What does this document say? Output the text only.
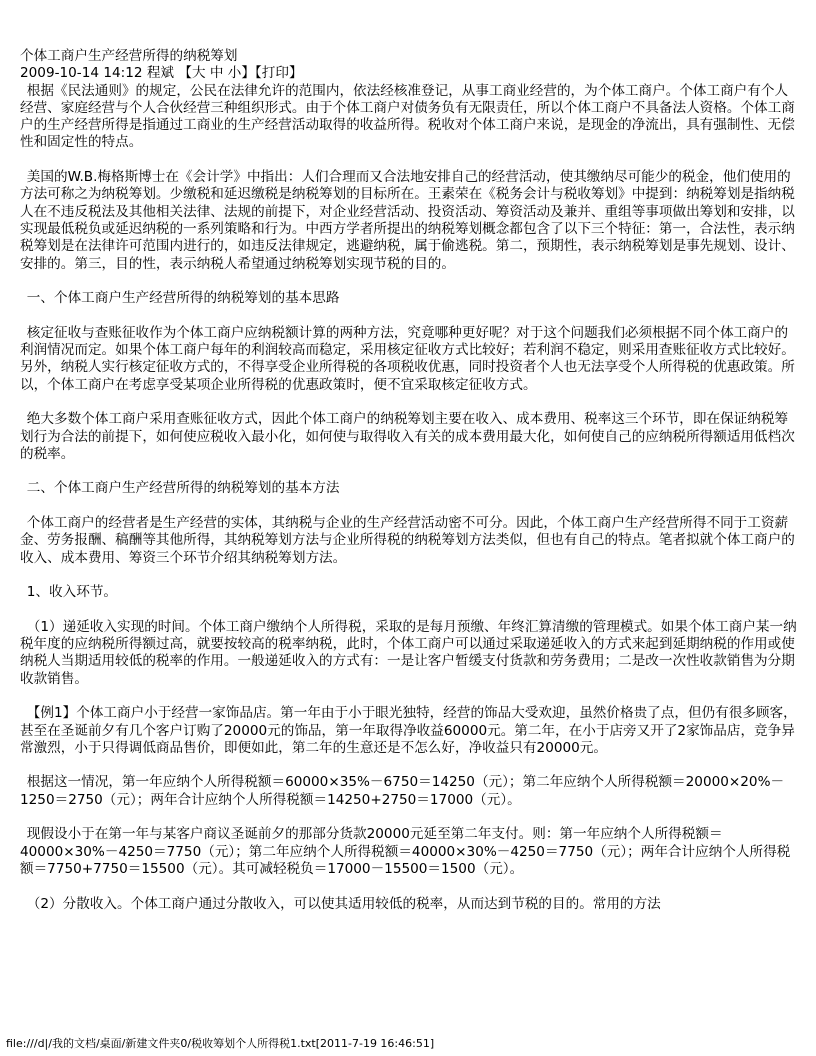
个体工商户生产经营所得的纳税筹划
2009-10-14 14:12 程斌 【大 中 小】【打印】
根据《民法通则》的规定，公民在法律允许的范围内，依法经核准登记，从事工商业经营的，为个体工商户。个体工商户有个人经营、家庭经营与个人合伙经营三种组织形式。由于个体工商户对债务负有无限责任，所以个体工商户不具备法人资格。个体工商户的生产经营所得是指通过工商业的生产经营活动取得的收益所得。税收对个体工商户来说，是现金的净流出，具有强制性、无偿性和固定性的特点。
美国的W.B.梅格斯博士在《会计学》中指出：人们合理而又合法地安排自己的经营活动，使其缴纳尽可能少的税金，他们使用的方法可称之为纳税筹划。少缴税和延迟缴税是纳税筹划的目标所在。王素荣在《税务会计与税收筹划》中提到：纳税筹划是指纳税人在不违反税法及其他相关法律、法规的前提下，对企业经营活动、投资活动、筹资活动及兼并、重组等事项做出筹划和安排，以实现最低税负或延迟纳税的一系列策略和行为。中西方学者所提出的纳税筹划概念都包含了以下三个特征：第一，合法性，表示纳税筹划是在法律许可范围内进行的，如违反法律规定，逃避纳税，属于偷逃税。第二，预期性，表示纳税筹划是事先规划、设计、安排的。第三，目的性，表示纳税人希望通过纳税筹划实现节税的目的。
一、个体工商户生产经营所得的纳税筹划的基本思路
核定征收与查账征收作为个体工商户应纳税额计算的两种方法，究竟哪种更好呢？对于这个问题我们必须根据不同个体工商户的利润情况而定。如果个体工商户每年的利润较高而稳定，采用核定征收方式比较好；若利润不稳定，则采用查账征收方式比较好。另外，纳税人实行核定征收方式的，不得享受企业所得税的各项税收优惠，同时投资者个人也无法享受个人所得税的优惠政策。所以，个体工商户在考虑享受某项企业所得税的优惠政策时，便不宜采取核定征收方式。
绝大多数个体工商户采用查账征收方式，因此个体工商户的纳税筹划主要在收入、成本费用、税率这三个环节，即在保证纳税筹划行为合法的前提下，如何使应税收入最小化，如何使与取得收入有关的成本费用最大化，如何使自己的应纳税所得额适用低档次的税率。
二、个体工商户生产经营所得的纳税筹划的基本方法
个体工商户的经营者是生产经营的实体，其纳税与企业的生产经营活动密不可分。因此，个体工商户生产经营所得不同于工资薪金、劳务报酬、稿酬等其他所得，其纳税筹划方法与企业所得税的纳税筹划方法类似，但也有自己的特点。笔者拟就个体工商户的收入、成本费用、筹资三个环节介绍其纳税筹划方法。
1、收入环节。
（1）递延收入实现的时间。个体工商户缴纳个人所得税，采取的是每月预缴、年终汇算清缴的管理模式。如果个体工商户某一纳税年度的应纳税所得额过高，就要按较高的税率纳税，此时，个体工商户可以通过采取递延收入的方式来起到延期纳税的作用或使纳税人当期适用较低的税率的作用。一般递延收入的方式有：一是让客户暂缓支付货款和劳务费用；二是改一次性收款销售为分期收款销售。
【例1】个体工商户小于经营一家饰品店。第一年由于小于眼光独特，经营的饰品大受欢迎，虽然价格贵了点，但仍有很多顾客，甚至在圣诞前夕有几个客户订购了20000元的饰品，第一年取得净收益60000元。第二年，在小于店旁又开了2家饰品店，竞争异常激烈，小于只得调低商品售价，即便如此，第二年的生意还是不怎么好，净收益只有20000元。
根据这一情况，第一年应纳个人所得税额＝60000×35%－6750＝14250（元）；第二年应纳个人所得税额＝20000×20%－1250＝2750（元）；两年合计应纳个人所得税额＝14250+2750＝17000（元）。
现假设小于在第一年与某客户商议圣诞前夕的那部分货款20000元延至第二年支付。则：第一年应纳个人所得税额＝40000×30%－4250＝7750（元）；第二年应纳个人所得税额＝40000×30%－4250＝7750（元）；两年合计应纳个人所得税额＝7750+7750＝15500（元）。其可减轻税负＝17000－15500＝1500（元）。
（2）分散收入。个体工商户通过分散收入，可以使其适用较低的税率，从而达到节税的目的。常用的方法
file:///d|/我的文档/桌面/新建文件夹0/税收筹划个人所得税1.txt[2011-7-19 16:46:51]
